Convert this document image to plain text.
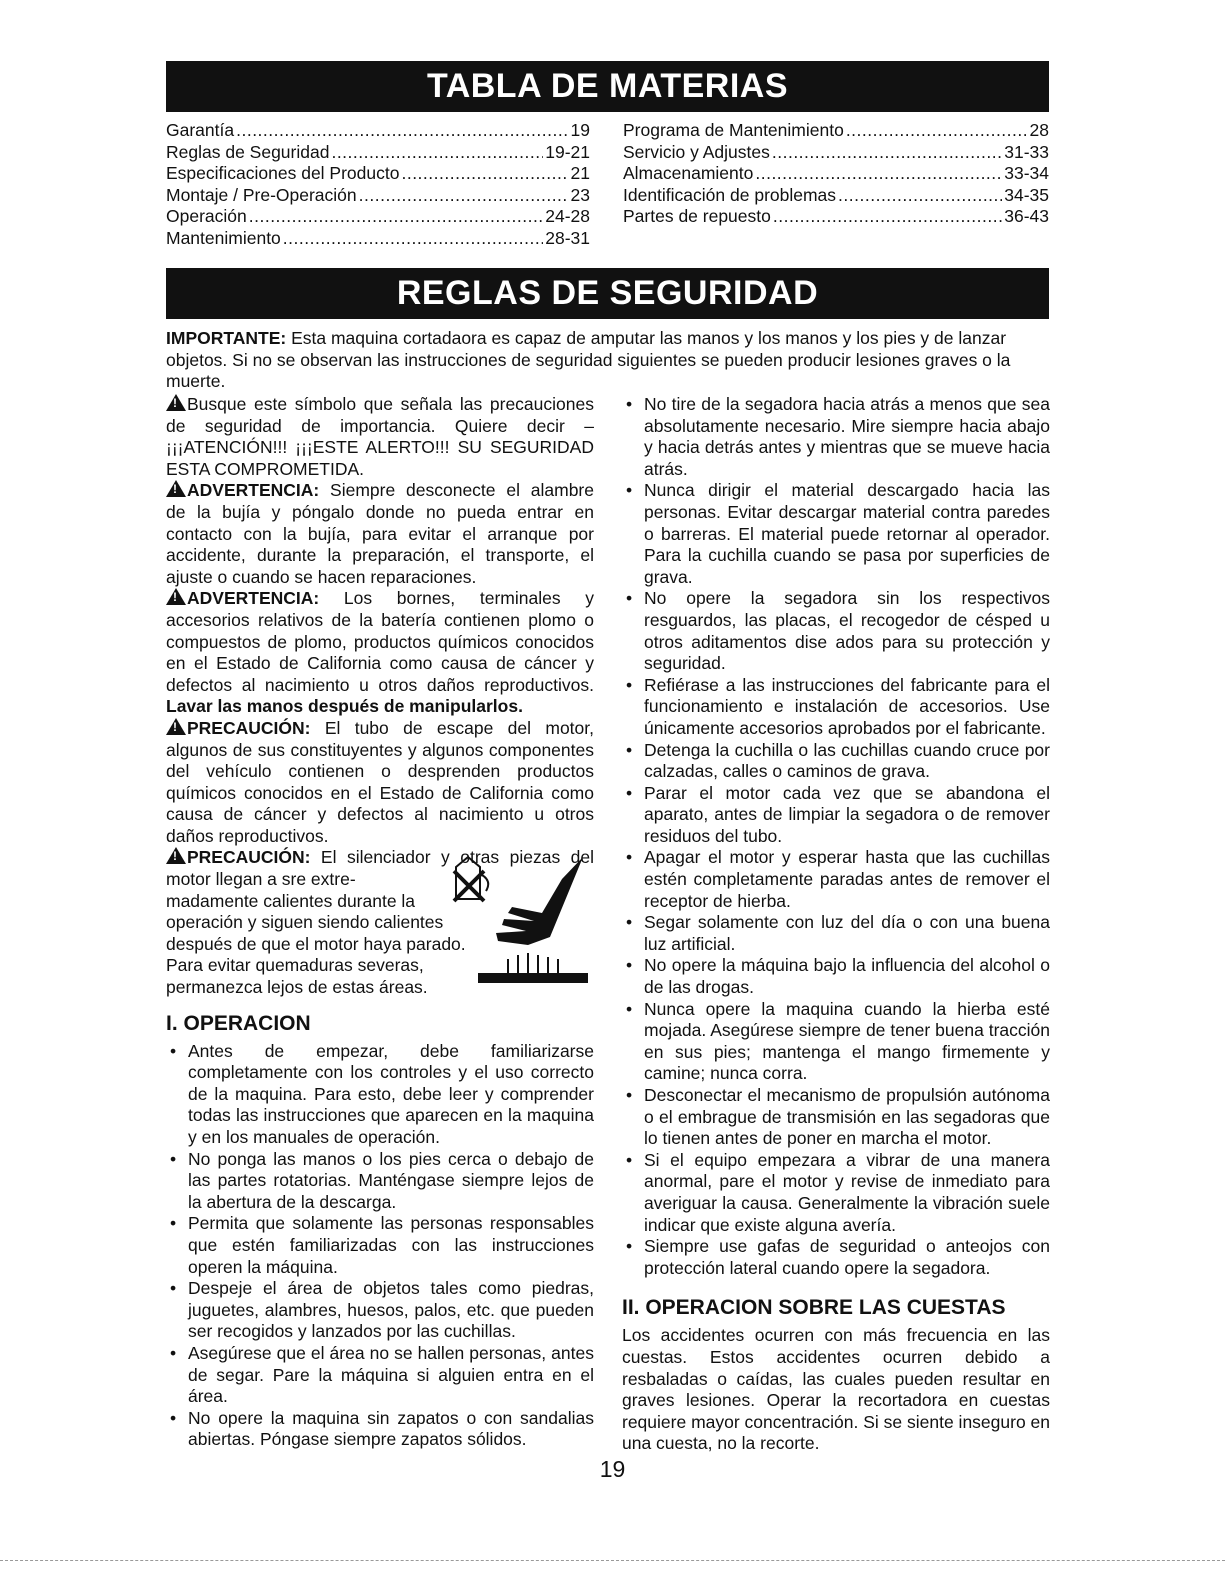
TABLA DE MATERIAS
Garantía .....	19
Reglas de Seguridad .....	19-21
Especificaciones del Producto .....	21
Montaje / Pre-Operación .....	23
Operación .....	24-28
Mantenimiento .....	28-31
Programa de Mantenimiento .....	28
Servicio y Adjustes .....	31-33
Almacenamiento .....	33-34
Identificación de problemas .....	34-35
Partes de repuesto .....	36-43
REGLAS DE SEGURIDAD
IMPORTANTE: Esta maquina cortadaora es capaz de amputar las manos y los manos y los pies y de lanzar objetos. Si no se observan las instrucciones de seguridad siguientes se pueden producir lesiones graves o la muerte.

!Busque este símbolo que señala las precauciones de seguridad de importancia. Quiere decir – ¡¡¡ATENCIÓN!!! ¡¡¡ESTE ALERTO!!! SU SEGURIDAD ESTA COMPROMETIDA.

!ADVERTENCIA: Siempre desconecte el alambre de la bujía y póngalo donde no pueda entrar en contacto con la bujía, para evitar el arranque por accidente, durante la preparación, el transporte, el ajuste o cuando se hacen reparaciones.

!ADVERTENCIA: Los bornes, terminales y accesorios relativos de la batería contienen plomo o compuestos de plomo, productos químicos conocidos en el Estado de California como causa de cáncer y defectos al nacimiento u otros daños reproductivos. Lavar las manos después de manipularlos.

!PRECAUCIÓN: El tubo de escape del motor, algunos de sus constituyentes y algunos componentes del vehículo contienen o desprenden productos químicos conocidos en el Estado de California como causa de cáncer y defectos al nacimiento u otros daños reproductivos.

!PRECAUCIÓN: El silenciador y otras piezas del motor llegan a sre extre-

madamente calientes durante la operación y siguen siendo calientes después de que el motor haya parado. Para evitar quemaduras severas, permanezca lejos de estas áreas.

I. OPERACION
• Antes de empezar, debe familiarizarse completamente con los controles y el uso correcto de la maquina. Para esto, debe leer y comprender todas las instrucciones que aparecen en la maquina y en los manuales de operación.
• No ponga las manos o los pies cerca o debajo de las partes rotatorias. Manténgase siempre lejos de la abertura de la descarga.
• Permita que solamente las personas responsables que estén familiarizadas con las instrucciones operen la máquina.
• Despeje el área de objetos tales como piedras, juguetes, alambres, huesos, palos, etc. que pueden ser recogidos y lanzados por las cuchillas.
• Asegúrese que el área no se hallen personas, antes de segar. Pare la máquina si alguien entra en el área.
• No opere la maquina sin zapatos o con sandalias abiertas. Póngase siempre zapatos sólidos.
• No tire de la segadora hacia atrás a menos que sea absolutamente necesario. Mire siempre hacia abajo y hacia detrás antes y mientras que se mueve hacia atrás.
• Nunca dirigir el material descargado hacia las personas. Evitar descargar material contra paredes o barreras. El material puede retornar al operador. Para la cuchilla cuando se pasa por superficies de grava.
• No opere la segadora sin los respectivos resguardos, las placas, el recogedor de césped u otros aditamentos dise ados para su protección y seguridad.
• Refiérase a las instrucciones del fabricante para el funcionamiento e instalación de accesorios. Use únicamente accesorios aprobados por el fabricante.
• Detenga la cuchilla o las cuchillas cuando cruce por calzadas, calles o caminos de grava.
• Parar el motor cada vez que se abandona el aparato, antes de limpiar la segadora o de remover residuos del tubo.
• Apagar el motor y esperar hasta que las cuchillas estén completamente paradas antes de remover el receptor de hierba.
• Segar solamente con luz del día o con una buena luz artificial.
• No opere la máquina bajo la influencia del alcohol o de las drogas.
• Nunca opere la maquina cuando la hierba esté mojada. Asegúrese siempre de tener buena tracción en sus pies; mantenga el mango firmemente y camine; nunca corra.
• Desconectar el mecanismo de propulsión autónoma o el embrague de transmisión en las segadoras que lo tienen antes de poner en marcha el motor.
• Si el equipo empezara a vibrar de una manera anormal, pare el motor y revise de inmediato para averiguar la causa. Generalmente la vibración suele indicar que existe alguna avería.
• Siempre use gafas de seguridad o anteojos con protección lateral cuando opere la segadora.
II. OPERACION SOBRE LAS CUESTAS

Los accidentes ocurren con más frecuencia en las cuestas. Estos accidentes ocurren debido a resbaladas o caídas, las cuales pueden resultar en graves lesiones. Operar la recortadora en cuestas requiere mayor concentración. Si se siente inseguro en una cuesta, no la recorte.

19
